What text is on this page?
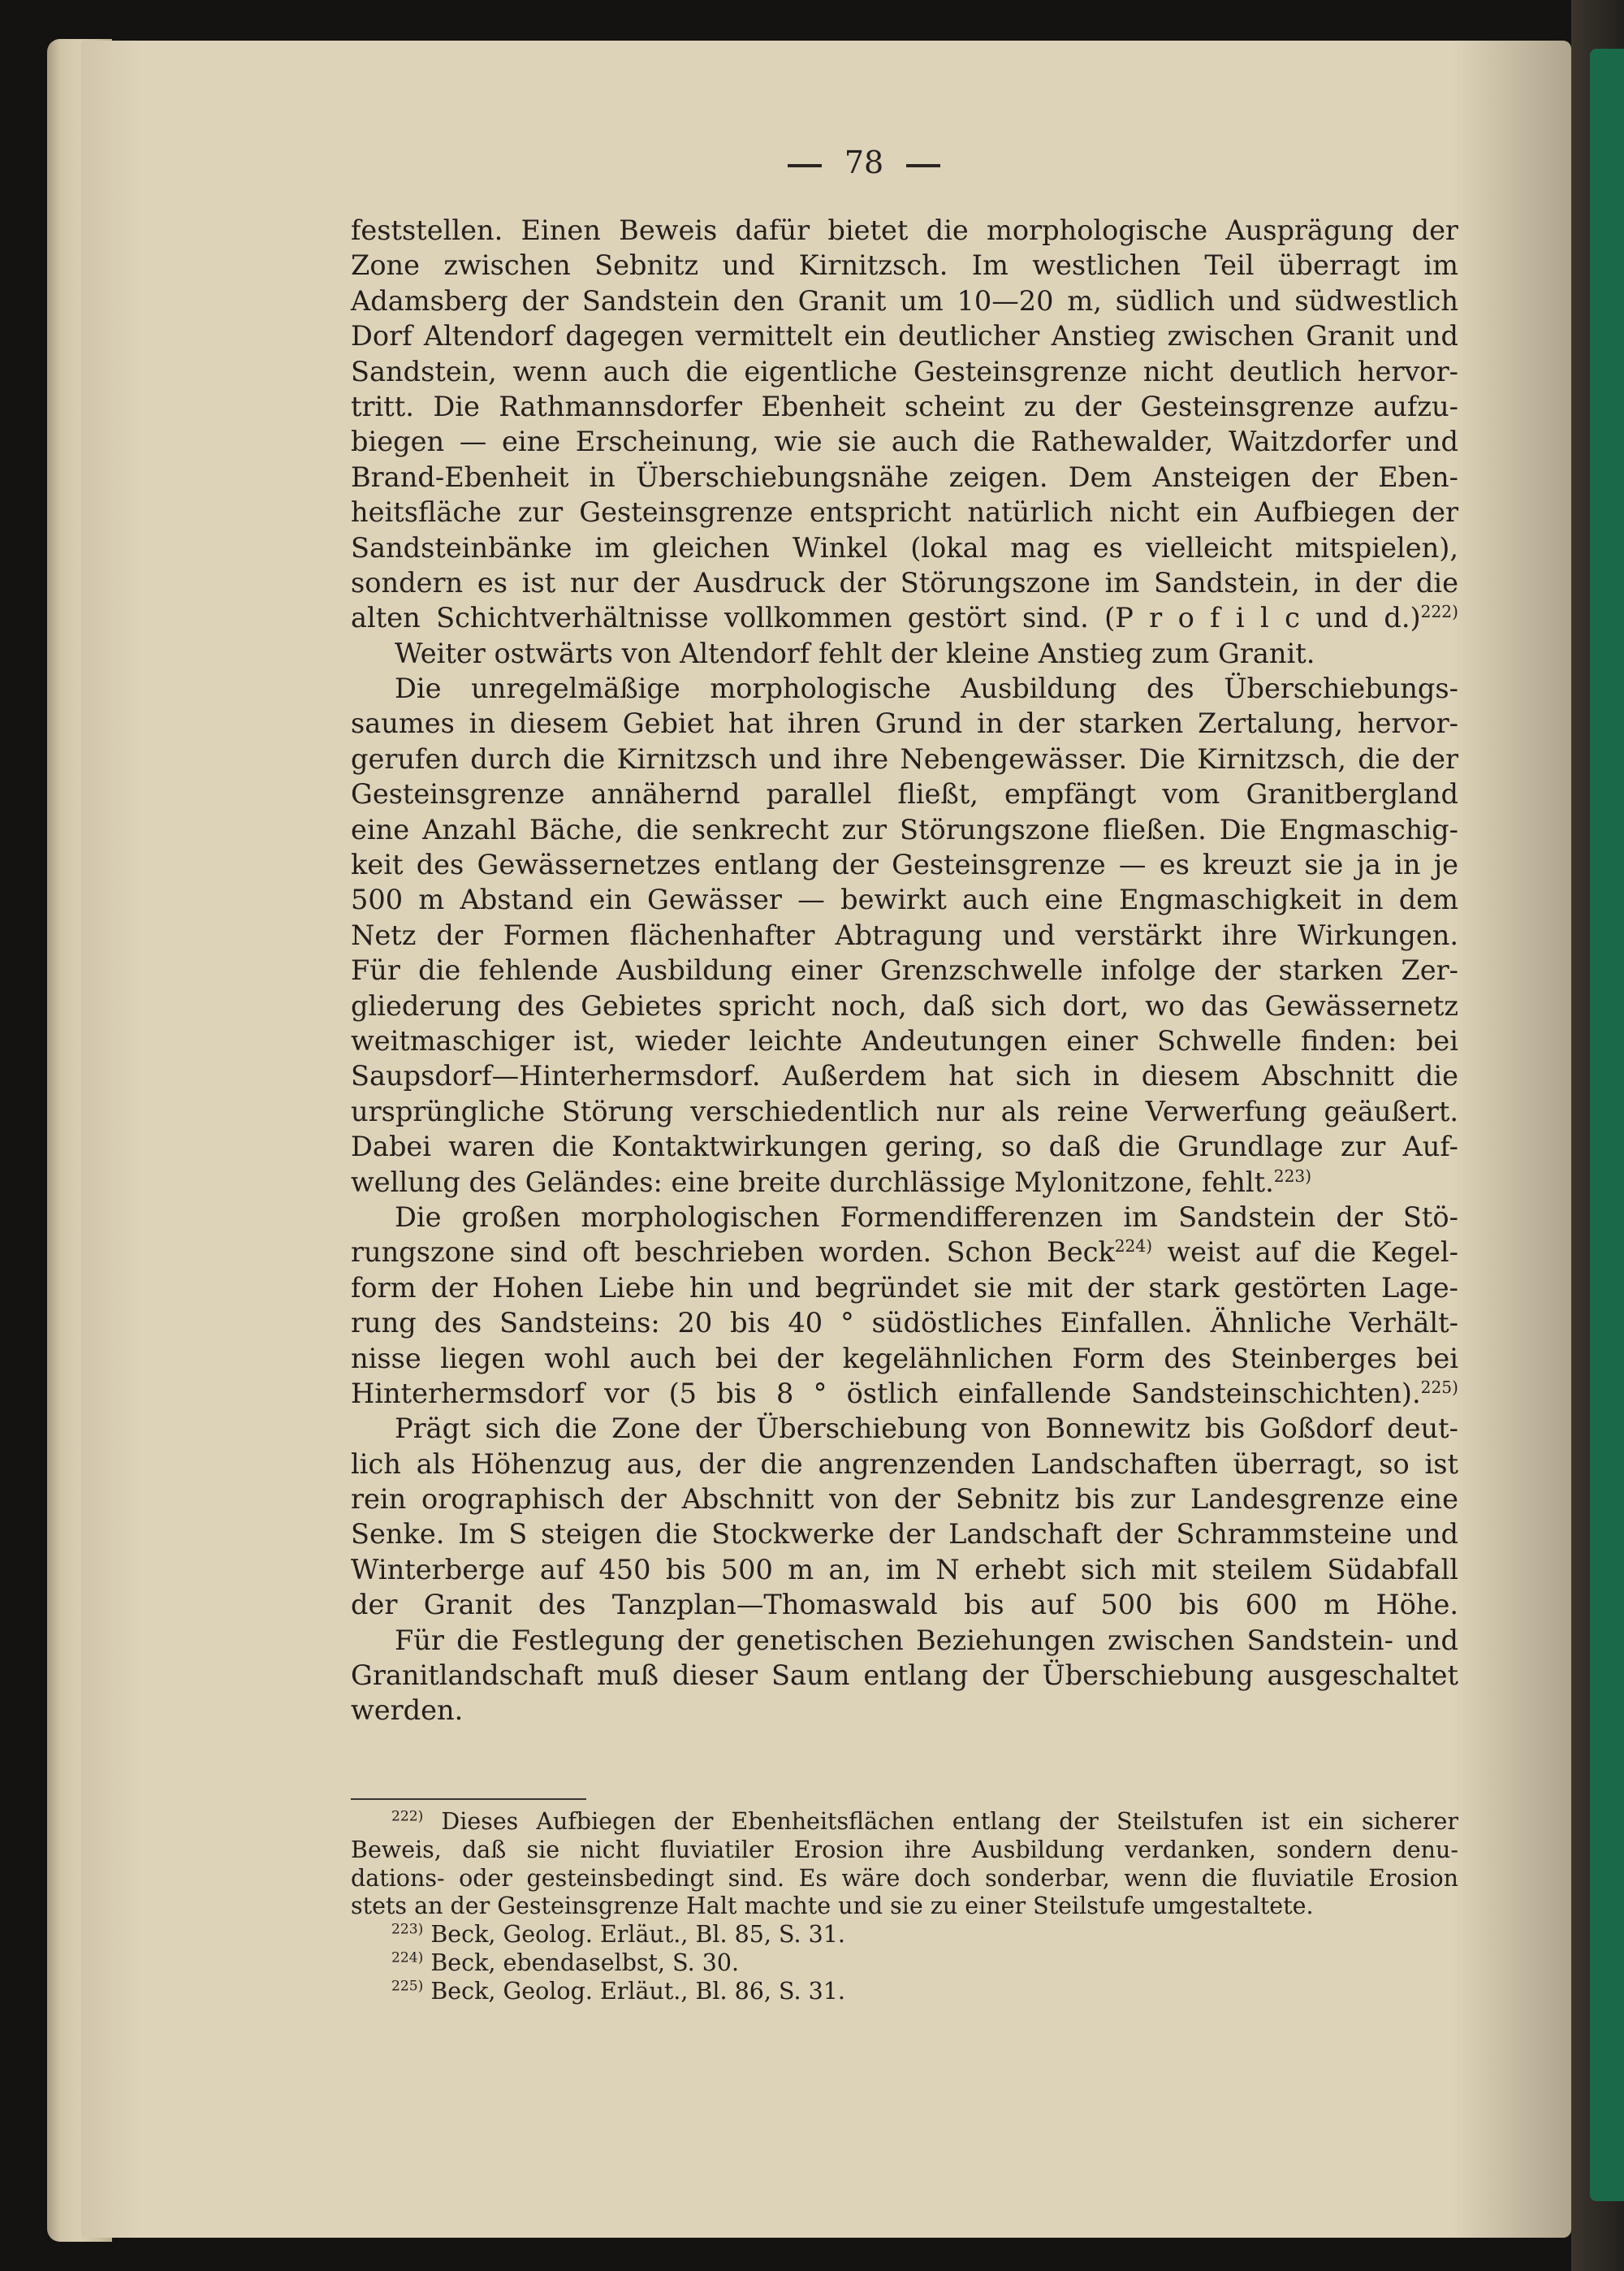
78
feststellen. Einen Beweis dafür bietet die morphologische Ausprägung der
Zone zwischen Sebnitz und Kirnitzsch. Im westlichen Teil überragt im
Adamsberg der Sandstein den Granit um 10—20 m, südlich und südwestlich
Dorf Altendorf dagegen vermittelt ein deutlicher Anstieg zwischen Granit und
Sandstein, wenn auch die eigentliche Gesteinsgrenze nicht deutlich hervor-
tritt. Die Rathmannsdorfer Ebenheit scheint zu der Gesteinsgrenze aufzu-
biegen — eine Erscheinung, wie sie auch die Rathewalder, Waitzdorfer und
Brand-Ebenheit in Überschiebungsnähe zeigen. Dem Ansteigen der Eben-
heitsfläche zur Gesteinsgrenze entspricht natürlich nicht ein Aufbiegen der
Sandsteinbänke im gleichen Winkel (lokal mag es vielleicht mitspielen),
sondern es ist nur der Ausdruck der Störungszone im Sandstein, in der die
alten Schichtverhältnisse vollkommen gestört sind. (P r o f i l c und d.)$^{222)}$
Weiter ostwärts von Altendorf fehlt der kleine Anstieg zum Granit.
Die unregelmäßige morphologische Ausbildung des Überschiebungs-
saumes in diesem Gebiet hat ihren Grund in der starken Zertalung, hervor-
gerufen durch die Kirnitzsch und ihre Nebengewässer. Die Kirnitzsch, die der
Gesteinsgrenze annähernd parallel fließt, empfängt vom Granitbergland
eine Anzahl Bäche, die senkrecht zur Störungszone fließen. Die Engmaschig-
keit des Gewässernetzes entlang der Gesteinsgrenze — es kreuzt sie ja in je
500 m Abstand ein Gewässer — bewirkt auch eine Engmaschigkeit in dem
Netz der Formen flächenhafter Abtragung und verstärkt ihre Wirkungen.
Für die fehlende Ausbildung einer Grenzschwelle infolge der starken Zer-
gliederung des Gebietes spricht noch, daß sich dort, wo das Gewässernetz
weitmaschiger ist, wieder leichte Andeutungen einer Schwelle finden: bei
Saupsdorf—Hinterhermsdorf. Außerdem hat sich in diesem Abschnitt die
ursprüngliche Störung verschiedentlich nur als reine Verwerfung geäußert.
Dabei waren die Kontaktwirkungen gering, so daß die Grundlage zur Auf-
wellung des Geländes: eine breite durchlässige Mylonitzone, fehlt.$^{223)}$
Die großen morphologischen Formendifferenzen im Sandstein der Stö-
rungszone sind oft beschrieben worden. Schon Beck$^{224)}$ weist auf die Kegel-
form der Hohen Liebe hin und begründet sie mit der stark gestörten Lage-
rung des Sandsteins: 20 bis 40 ° südöstliches Einfallen. Ähnliche Verhält-
nisse liegen wohl auch bei der kegelähnlichen Form des Steinberges bei
Hinterhermsdorf vor (5 bis 8 ° östlich einfallende Sandsteinschichten).$^{225)}$
Prägt sich die Zone der Überschiebung von Bonnewitz bis Goßdorf deut-
lich als Höhenzug aus, der die angrenzenden Landschaften überragt, so ist
rein orographisch der Abschnitt von der Sebnitz bis zur Landesgrenze eine
Senke. Im S steigen die Stockwerke der Landschaft der Schrammsteine und
Winterberge auf 450 bis 500 m an, im N erhebt sich mit steilem Südabfall
der Granit des Tanzplan—Thomaswald bis auf 500 bis 600 m Höhe.
Für die Festlegung der genetischen Beziehungen zwischen Sandstein- und
Granitlandschaft muß dieser Saum entlang der Überschiebung ausgeschaltet
werden.
$^{222)}$ Dieses Aufbiegen der Ebenheitsflächen entlang der Steilstufen ist ein sicherer
Beweis, daß sie nicht fluviatiler Erosion ihre Ausbildung verdanken, sondern denu-
dations- oder gesteinsbedingt sind. Es wäre doch sonderbar, wenn die fluviatile Erosion
stets an der Gesteinsgrenze Halt machte und sie zu einer Steilstufe umgestaltete.
$^{223)}$ Beck, Geolog. Erläut., Bl. 85, S. 31.
$^{224)}$ Beck, ebendaselbst, S. 30.
$^{225)}$ Beck, Geolog. Erläut., Bl. 86, S. 31.
